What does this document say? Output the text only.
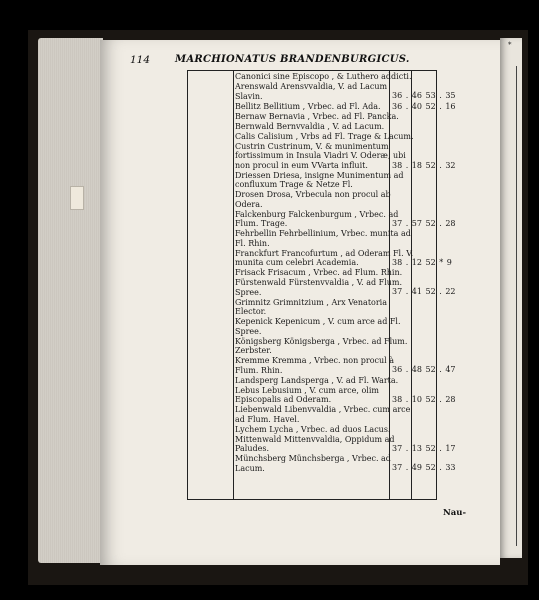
*
114 MARCHIONATUS BRANDENBURGICUS.
Canonici sine Episcopo , & Luthero addicti.
Arenswald Arensvvaldia, V. ad Lacum Slavin.
Bellitz Bellitium , Vrbec. ad Fl. Ada.
Bernaw Bernavia , Vrbec. ad Fl. Pancka.
Bernwald Bernvvaldia , V. ad Lacum.
Calis Calisium , Vrbs ad Fl. Trage & Lacum.
Custrin Custrinum, V. & munimentum fortissimum in Insula Viadri V. Oderæ, ubi non procul in eum VVarta influit.
Driessen Driesa, insigne Munimentum ad confluxum Trage & Netze Fl.
Drosen Drosa, Vrbecula non procul ab Odera.
Falckenburg Falckenburgum , Vrbec. ad Flum. Trage.
Fehrbellin Fehrbellinium, Vrbec. munita ad Fl. Rhin.
Franckfurt Francofurtum , ad Oderam Fl. V. munita cum celebri Academia.
Frisack Frisacum , Vrbec. ad Flum. Rhin.
Fürstenwald Fürstenvvaldia , V. ad Flum. Spree.
Grimnitz Grimnitzium , Arx Venatoria Elector.
Kepenick Kepenicum , V. cum arce ad Fl. Spree.
Königsberg Königsberga , Vrbec. ad Flum. Zerbster.
Kremme Kremma , Vrbec. non procul à Flum. Rhin.
Landsperg Landsperga , V. ad Fl. Warta.
Lebus Lebusium , V. cum arce, olim Episcopalis ad Oderam.
Liebenwald Libenvvaldia , Vrbec. cum arce ad Flum. Havel.
Lychem Lycha , Vrbec. ad duos Lacus.
Mittenwald Mittenvvaldia, Oppidum ad Paludes.
Münchsberg Münchsberga , Vrbec. ad Lacum.
36 . 46 53 . 35
36 . 40 52 . 16
38 . 18 52 . 32
37 . 57 52 . 28
38 . 12 52 * 9
37 . 41 52 . 22
36 . 48 52 . 47
38 . 10 52 . 28
37 . 13 52 . 17
37 . 49 52 . 33
Nau-
